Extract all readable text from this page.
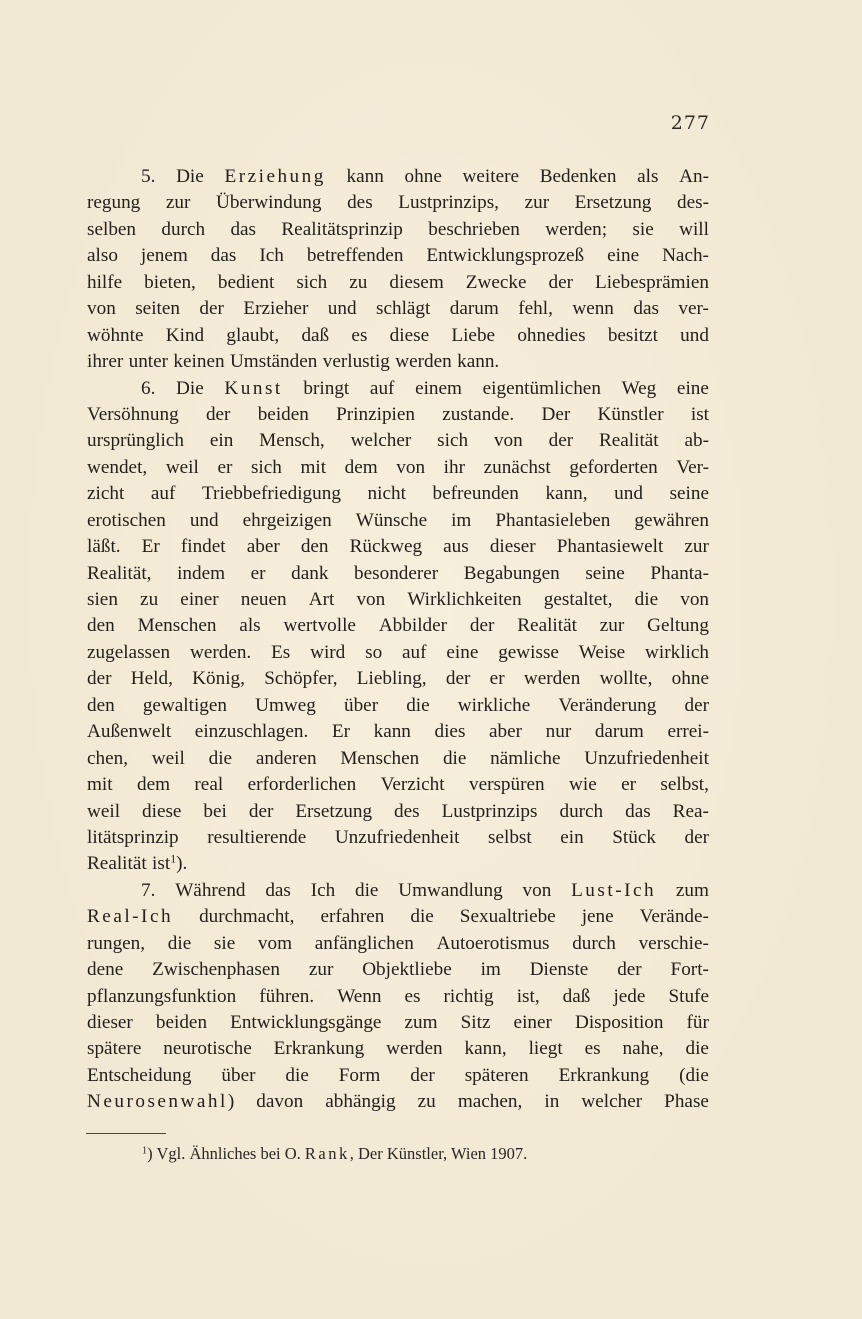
277
5. Die Erziehung kann ohne weitere Bedenken als An-
regung zur Überwindung des Lustprinzips, zur Ersetzung des-
selben durch das Realitätsprinzip beschrieben werden; sie will
also jenem das Ich betreffenden Entwicklungsprozeß eine Nach-
hilfe bieten, bedient sich zu diesem Zwecke der Liebesprämien
von seiten der Erzieher und schlägt darum fehl, wenn das ver-
wöhnte Kind glaubt, daß es diese Liebe ohnedies besitzt und
ihrer unter keinen Umständen verlustig werden kann.
6. Die Kunst bringt auf einem eigentümlichen Weg eine
Versöhnung der beiden Prinzipien zustande. Der Künstler ist
ursprünglich ein Mensch, welcher sich von der Realität ab-
wendet, weil er sich mit dem von ihr zunächst geforderten Ver-
zicht auf Triebbefriedigung nicht befreunden kann, und seine
erotischen und ehrgeizigen Wünsche im Phantasieleben gewähren
läßt. Er findet aber den Rückweg aus dieser Phantasiewelt zur
Realität, indem er dank besonderer Begabungen seine Phanta-
sien zu einer neuen Art von Wirklichkeiten gestaltet, die von
den Menschen als wertvolle Abbilder der Realität zur Geltung
zugelassen werden. Es wird so auf eine gewisse Weise wirklich
der Held, König, Schöpfer, Liebling, der er werden wollte, ohne
den gewaltigen Umweg über die wirkliche Veränderung der
Außenwelt einzuschlagen. Er kann dies aber nur darum errei-
chen, weil die anderen Menschen die nämliche Unzufriedenheit
mit dem real erforderlichen Verzicht verspüren wie er selbst,
weil diese bei der Ersetzung des Lustprinzips durch das Rea-
litätsprinzip resultierende Unzufriedenheit selbst ein Stück der
Realität ist$^1$).
7. Während das Ich die Umwandlung von Lust-Ich zum
Real-Ich durchmacht, erfahren die Sexualtriebe jene Verände-
rungen, die sie vom anfänglichen Autoerotismus durch verschie-
dene Zwischenphasen zur Objektliebe im Dienste der Fort-
pflanzungsfunktion führen. Wenn es richtig ist, daß jede Stufe
dieser beiden Entwicklungsgänge zum Sitz einer Disposition für
spätere neurotische Erkrankung werden kann, liegt es nahe, die
Entscheidung über die Form der späteren Erkrankung (die
Neurosenwahl) davon abhängig zu machen, in welcher Phase
$^1$) Vgl. Ähnliches bei O. Rank, Der Künstler, Wien 1907.
